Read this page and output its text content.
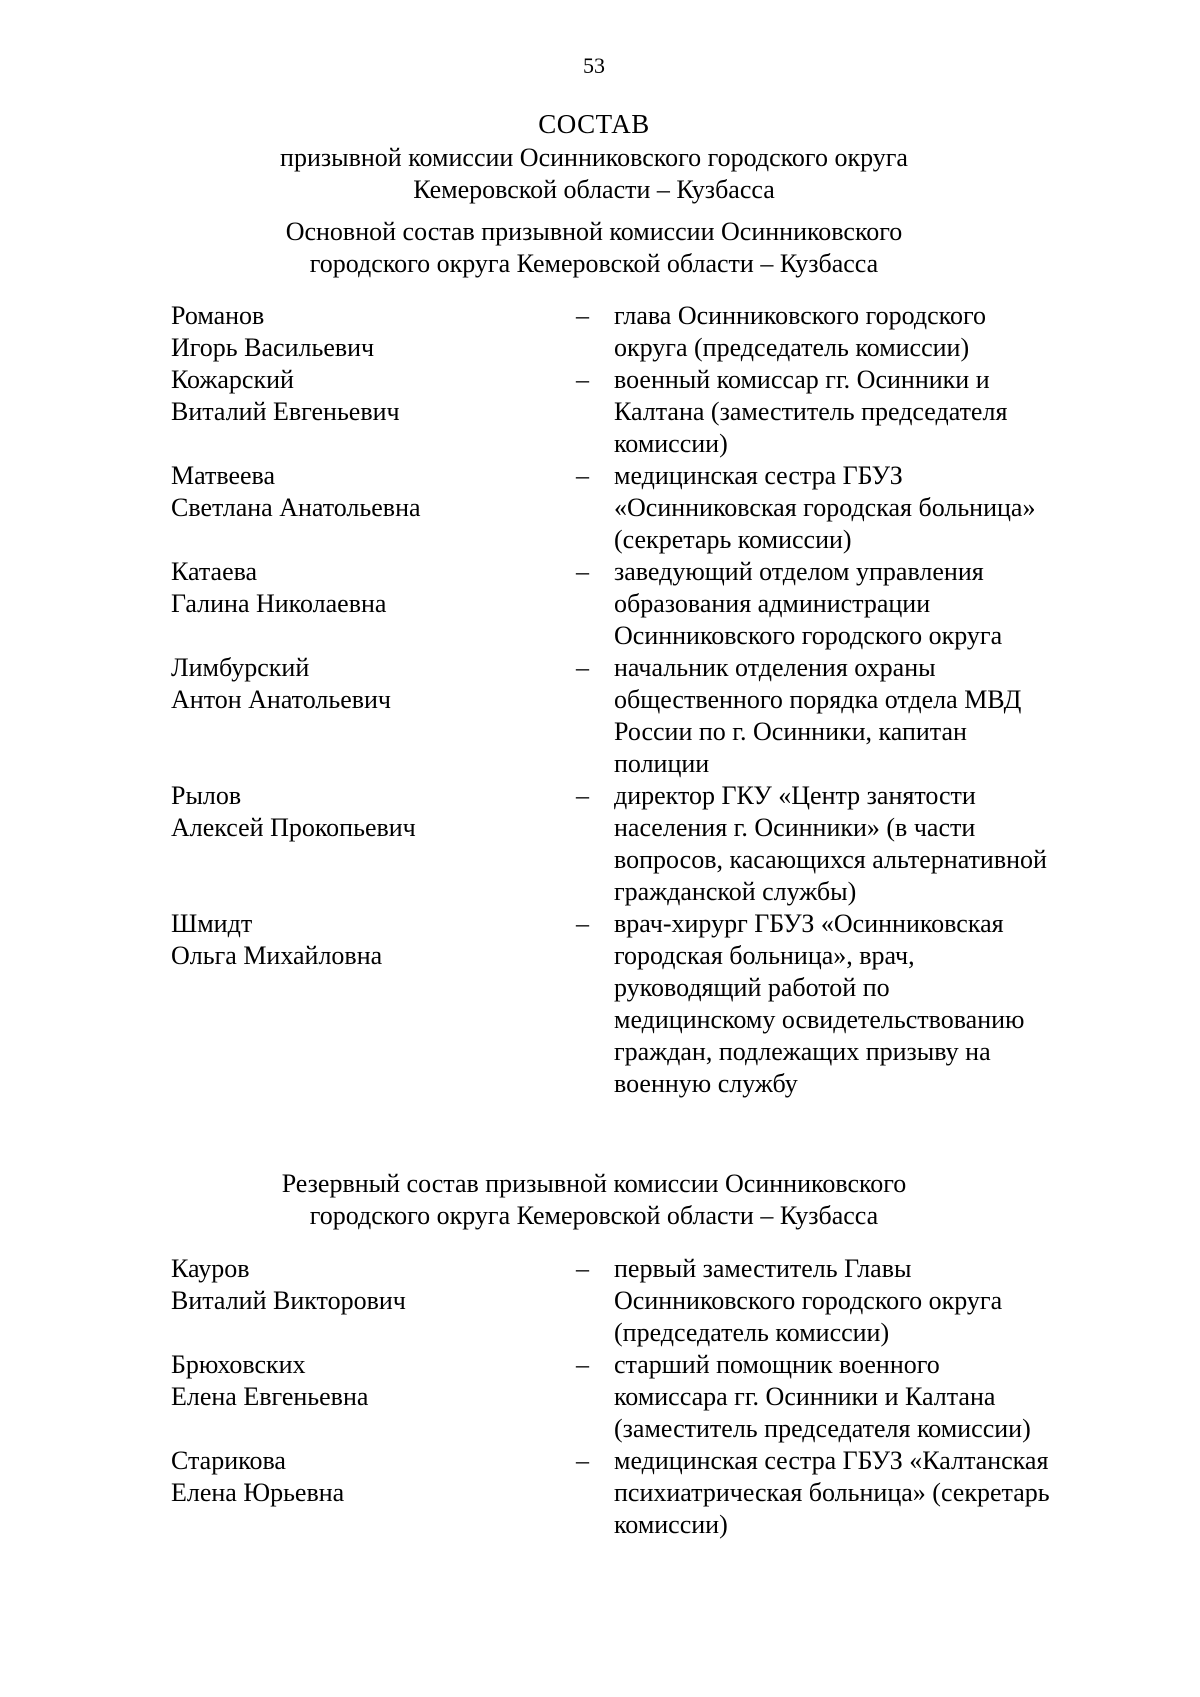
53
СОСТАВ
призывной комиссии Осинниковского городского округа
Кемеровской области – Кузбасса
Основной состав призывной комиссии Осинниковского
городского округа Кемеровской области – Кузбасса
Романов
Игорь Васильевич
– глава Осинниковского городского
округа (председатель комиссии)
Кожарский
Виталий Евгеньевич
– военный комиссар гг. Осинники и
Калтана (заместитель председателя
комиссии)
Матвеева
Светлана Анатольевна
– медицинская сестра ГБУЗ
«Осинниковская городская больница»
(секретарь комиссии)
Катаева
Галина Николаевна
– заведующий отделом управления
образования администрации
Осинниковского городского округа
Лимбурский
Антон Анатольевич
– начальник отделения охраны
общественного порядка отдела МВД
России по г. Осинники, капитан
полиции
Рылов
Алексей Прокопьевич
– директор ГКУ «Центр занятости
населения г. Осинники» (в части
вопросов, касающихся альтернативной
гражданской службы)
Шмидт
Ольга Михайловна
– врач-хирург ГБУЗ «Осинниковская
городская больница», врач,
руководящий работой по
медицинскому освидетельствованию
граждан, подлежащих призыву на
военную службу
Резервный состав призывной комиссии Осинниковского
городского округа Кемеровской области – Кузбасса
Кауров
Виталий Викторович
– первый заместитель Главы
Осинниковского городского округа
(председатель комиссии)
Брюховских
Елена Евгеньевна
– старший помощник военного
комиссара гг. Осинники и Калтана
(заместитель председателя комиссии)
Старикова
Елена Юрьевна
– медицинская сестра ГБУЗ «Калтанская
психиатрическая больница» (секретарь
комиссии)
